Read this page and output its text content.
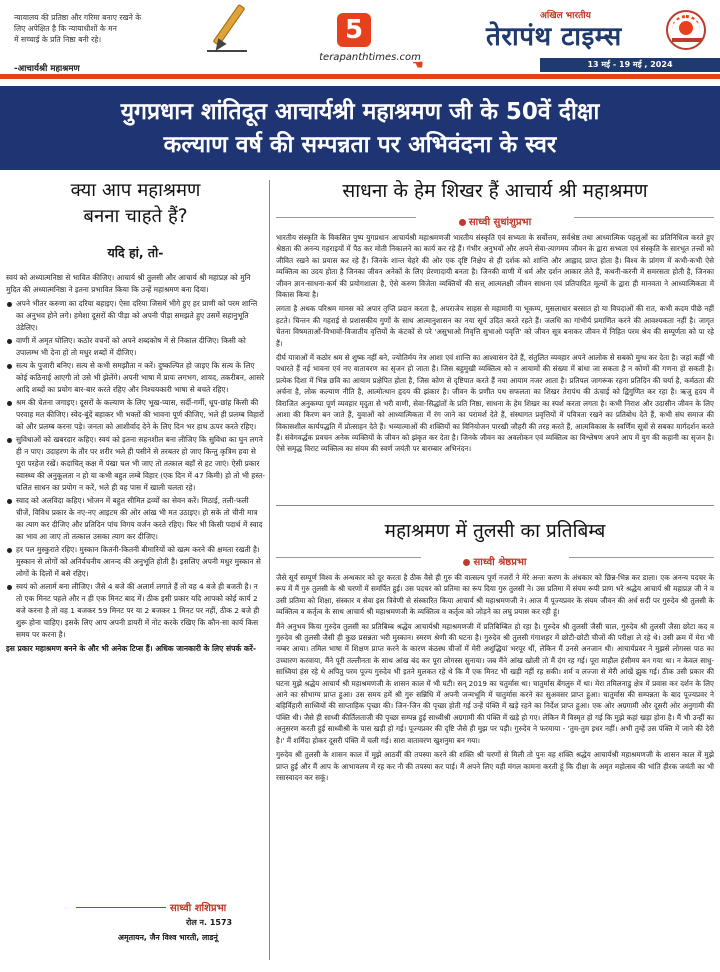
न्यायालय की प्रतिष्ठा और गरिमा बनाए रखने के
लिए अपेक्षित है कि न्यायाधीशों के मन
में सच्चाई के प्रति निष्ठा बनी रहे।
-आचार्यश्री महाश्रमण
5
terapanthtimes.com
☚
अखिल भारतीय
तेरापंथ टाइम्स
13 मई - 19 मई , 2024
युगप्रधान शांतिदूत आचार्यश्री महाश्रमण जी के 50वें दीक्षा
कल्याण वर्ष की सम्पन्नता पर अभिवंदना के स्वर
क्या आप महाश्रमण
बनना चाहते हैं?
यदि हां, तो-

स्वयं को अध्यात्मनिष्ठा से भावित कीजिए। आचार्य श्री तुलसी और आचार्य श्री महाप्रज्ञ को मुनि मुदित की अध्यात्मनिष्ठा ने इतना प्रभावित किया कि उन्हें महाश्रमण बना दिया।

अपने भीतर करुणा का दरिया बहाइए। ऐसा दरिया जिसमें भीगे हुए हर प्राणी को परम शान्ति का अनुभव होने लगे। हमेशा दूसरों की पीड़ा को अपनी पीड़ा समझते हुए उसमें सहानुभूति उंडेलिए।
वाणी में अमृत घोलिए। कठोर वचनों को अपने शब्दकोष में से निकाल दीजिए। किसी को उपालम्भ भी देना हो तो मधुर शब्दों में दीजिए।
सत्य के पुजारी बनिए। सत्य से कभी समझौता न करें। दुष्कल्पित हो जाइए कि सत्य के लिए कोई कठिनाई आएगी तो उसे भी झेलेंगे। अपनी भाषा में प्रायः लगभग, शायद, तकरीबन, आसरे आदि शब्दों का प्रयोग बार-बार करते रहिए और निश्चयकारी भाषा से बचते रहिए।
श्रम की चेतना जगाइए। दूसरों के कल्याण के लिए भूख-प्यास, सर्दी-गर्मी, धूप-छांह किसी की परवाह मत कीजिए। स्वेद-बूंदें बहाकर भी भक्तों की भावना पूर्ण कीजिए, भले ही प्रलम्ब विहारों को और प्रलम्ब करना पड़े। जनता को आशीर्वाद देने के लिए दिन भर हाथ ऊपर करते रहिए।
सुविधाओं को खबरदार कहिए। स्वयं को इतना सहनशील बना लीजिए कि सुविधा का घुन लगने ही न पाए। उदाहरण के तौर पर शरीर भले ही पसीने से तरबतर हो जाए किन्तु कृत्रिम हवा से पूरा परहेज रखें। कदाचित् कक्ष में पंखा चल भी जाए तो तत्काल बहाँ से हट जाएं। ऐसी प्रकार स्वास्थ्य की अनुकूलता न हो या कभी बहुत लम्बे विहार (एक दिन में 47 किमी) हो तो भी हस्त-चलित साधन का प्रयोग न करें, भले ही वह पास में खाली चलता रहे।
स्वाद को अलविदा कहिए। भोजन में बहुत सीमित द्रव्यों का सेवन करें। मिठाई, तली-फली चीजें, विविध प्रकार के नए-नए आइटम की ओर आंख भी मत उठाइए। हो सके तो चीनी मात्र का त्याग कर दीजिए और प्रतिदिन पांच विगय वर्जन करते रहिए। फिर भी किसी पदार्थ में स्वाद का भाव आ जाए तो तत्काल उसका त्याग कर दीजिए।
हर पल मुस्कुराते रहिए। मुस्कान कितनी-कितनी बीमारियों को खत्म करने की क्षमता रखती है। मुस्कान से लोगों को अनिर्वचनीय आनन्द की अनुभूति होती है। इसलिए अपनी मधुर मुस्कान से लोगों के दिलों में बसे रहिए।
स्वयं को अलार्म बना लीजिए। जैसे 4 बजे की अलार्म लगाते हैं तो वह 4 बजे ही बजती है। न तो एक मिनट पहले और न ही एक मिनट बाद में। ठीक इसी प्रकार यदि आपको कोई कार्य 2 बजे करना है तो वह 1 बजकर 59 मिनट पर या 2 बजकर 1 मिनट पर नहीं, ठीक 2 बजे ही शुरू होना चाहिए। इसके लिए आप अपनी डायरी में नोट करके रखिए कि कौन-सा कार्य किस समय पर करना है।
इस प्रकार महाश्रमण बनने के और भी अनेक टिप्स हैं। अधिक जानकारी के लिए संपर्क करें-
साध्वी शशिप्रभा
रोल न. 1573
अमृतायन, जैन विश्व भारती, लाडनूं
साधना के हेम शिखर हैं आचार्य श्री महाश्रमण
साध्वी सुधांशुप्रभा

भारतीय संस्कृति के विकसित पुष्प युगप्रधान आचार्यश्री महाश्रमणजी भारतीय संस्कृति एवं सभ्यता के सर्वोत्तम, सर्वश्रेष्ठ तथा आध्यात्मिक पहलुओं का प्रतिनिधित्व करते हुए श्रेष्ठता की अनन्य गहराइयों में पैठ कर मोती निकालने का कार्य कर रहे हैं। गंभीर अनुभवों और अपने सेवा-त्यागमय जीवन के द्वारा सभ्यता एवं संस्कृति के सारभूत तत्त्वों को जीवित रखने का प्रयास कर रहे हैं। जिनके शान्त चेहरे की ओर एक दृष्टि निक्षेप से ही दर्शक को शान्ति और आह्लाद प्राप्त होता है। विश्व के प्रांगण में कभी-कभी ऐसे व्यक्तित्व का उदय होता है जिनका जीवन अनेकों के लिए प्रेरणादायी बनता है। जिनकी वाणी में धर्म और दर्शन आकार लेते हैं, कथनी-करनी में समरसता होती है, जिनका जीवन ज्ञान-साधना-कर्म की प्रयोगशाला है, ऐसे करुण विजेता व्यक्तियों की सत्त् आत्मलक्षी जीवन साधना एवं प्रतिपादित मूल्यों के द्वारा ही मानवता ने आध्यात्मिकता में विकास किया है।

लगता है अथक परिश्रम मानस को अपार तृप्ति प्रदान करता है, अपराजेय साहस से महामारी या भूकम्प, मुसलाधार बरसात हो या विपदाओं की रात, कभी कदम पीछे नहीं हटते। चिन्तन की गहराई से प्रशासकीय गुणों के साथ आत्मानुशासन का नया सूर्य उदित करते रहते हैं। जलधि का गांभीर्य प्रमाणित करने की आवश्यकता नहीं है। जागृत चेतना विषमताओं-विभावों-विजातीय वृत्तियों के कंटकों से परे 'असुभाओ निवृत्ति सुभाओ पवृत्ति' को जीवन सूत्र बनाकर जीवन में निहित परम श्रेय की सम्पूर्णता को पा रहे हैं।

दीर्घ यात्राओं में कठोर श्रम से शुष्क नहीं बने, ज्योतिर्मय नेत्र आशा एवं शान्ति का आश्वासन देते हैं, संतुलित व्यवहार अपने आलोक से सबको मुग्ध कर देता है। जहां कहीं भी पधारते हैं नई भावना एवं नए वातावरण का सृजन हो जाता है। जिस बहुमुखी व्यक्तित्व को न आयामों की संख्या में बांधा जा सकता है न कोणों की गणना हो सकती है। प्रत्येक दिशा में भिन्न छवि का आयाम प्रक्षेपित होता है, जिस कोण से दृष्टिपात करते हैं नया आयाम नजर आता है। प्रतिपल जागरूक रहना प्रतिदिन की चर्या है, कर्मठता की अर्चना है, लोक कल्याण नीति है, आत्मोत्थान हृदय की झंकार है। जीवन के प्रणीत पथ सफलता का शिखर तेरापंथ की ऊंचाई को द्विगुणित कर रहा है। ऋजु हृदय में विराजित अनुकम्पा पूर्ण व्यवहार मृदुता से भरी वाणी, सेवा-सिद्धांतों के प्रति निष्ठा, साधना के हेम शिखर का स्पर्श करता लगता है। कभी निराश और उदासीन जीवन के लिए आशा की किरण बन जाते हैं, युवाओं को आध्यात्मिकता में रंग जाने का परामर्श देते हैं, संस्थागत प्रवृत्तियों में पवित्रता रखने का प्रतिबोध देते हैं, कभी संघ समाज की विकासशील कार्यपद्धति में प्रोत्साहन देते हैं। भव्यात्माओं की शक्तियों का विनियोजन पारखी जौहरी की तरह करते हैं, आत्मविकास के स्वर्णिम सूत्रों से सबका मार्गदर्शन करते हैं। संवेगवर्द्धक प्रवचन अनेक व्यक्तियों के जीवन को झंकृत कर देता है। जिनके जीवन का अवलोकन एवं व्यक्तित्व का विश्लेषण अपने आप में युग की कहानी का सृजन है। ऐसे समृद्ध विराट व्यक्तित्व का संयम की स्वर्ण जयंती पर बारम्बार अभिनंदन।

महाश्रमण में तुलसी का प्रतिबिम्ब
साध्वी श्रेष्ठप्रभा

जैसे सूर्य सम्पूर्ण विश्व के अन्धकार को दूर करता है ठीक वैसे ही गुरु की वात्सल्य पूर्ण नजरों ने मेरे अन्तः करण के अंधकार को छिन्न-भिन्न कर डाला। एक अनन्य पदचर के रूप में मैं गुरु तुलसी के श्री चरणों में समर्पित हुई। उस पदचर को प्रतिमा का रूप दिया गुरु तुलसी ने। उस प्रतिमा में संयम रूपी प्राण भरे श्रद्धेय आचार्य श्री महाप्रज्ञ जी ने व उसी प्रतिमा को शिक्षा, संस्कार व सेवा इस त्रिवेणी से संस्कारित किया आचार्य श्री महाश्रमणजी ने। आज मैं पूज्यप्रवर के संयम जीवन की अर्ध सदी पर गुरुदेव श्री तुलसी के व्यक्तित्व व कर्तृत्व के साथ आचार्य श्री महाश्रमणजी के व्यक्तित्व व कर्तृत्व को जोड़ने का लघु प्रयास कर रही हूं।

मैंने अनुभव किया गुरुदेव तुलसी का प्रतिबिम्ब श्रद्धेय आचार्यश्री महाश्रमणजी में प्रतिबिम्बित हो रहा है। गुरुदेव श्री तुलसी जैसी चाल, गुरुदेव श्री तुलसी जैसा छोटा कद व गुरुदेव श्री तुलसी जैसी ही कुछ प्रसन्नता भरी मुस्कान। स्मरण श्रेणी की घटना है। गुरुदेव श्री तुलसी गंगाशहर में छोटी-छोटी चीजों की परीक्षा ले रहे थे। उसी क्रम में मेरा भी नम्बर आया। तमिल भाषा में शिक्षण प्राप्त करने के कारण कंठस्थ चीजों में मेरी अशुद्धियां भरपूर थीं, लेकिन मैं उनसे अनजान थी। आचार्यप्रवर ने मुझसे लोगस्स पाठ का उच्चारण करवाया, मैंने पूरी तल्लीनता के साथ आंख बंद कर पूरा लोगस्स सुनाया। जब मैंने आंख खोली तो मैं दंग रह गई। पूरा माहौल हंसीमय बन गया था। न केवल साधु-साध्वियां हंस रहे थे अपितु परम पूज्य गुरुदेव भी इतने मुलकत रहे थे कि मैं एक मिनट भी खड़ी नहीं रह सकी। शर्म व लज्जा से मेरी आंखें झुक गई। ठीक उसी प्रकार की घटना मुझे श्रद्धेय आचार्य श्री महाश्रमणजी के शासन काल में भी घटी। सन् 2019 का चतुर्मास था। चातुर्मास बेंगलुरु में था। मेरा तमिलनाडु क्षेत्र में प्रवास कर दर्शन के लिए आने का सौभाग्य प्राप्त हुआ। उस समय हमें श्री गुरु सन्निधि में अपनी जन्मभूमि में चातुर्मास करने का सुअवसर प्राप्त हुआ। चातुर्मास की सम्पन्नता के बाद पूज्यप्रवर ने बहिर्विहारी साध्वियों की साप्ताहिक पृच्छा की। जिन-जिन की पृच्छा होती गई उन्हें पंक्ति में खड़े रहने का निर्देश प्राप्त हुआ। एक ओर अग्रगामी और दूसरी ओर अनुगामी की पंक्ति थी। जैसे ही साध्वी कीर्तिलताजी की पृच्छा सम्पन्न हुई साध्वीश्री अग्रगामी की पंक्ति में खड़े हो गए। लेकिन मैं विस्मृत हो गई कि मुझे कहां खड़ा होना है। मैं भी उन्हीं का अनुसरण करती हुई साध्वीश्री के पास खड़ी हो गई। पूज्यप्रवर की दृष्टि जैसे ही मुझ पर पड़ी। गुरुदेव ने फरमाया - 'तुम-तुम इधर नहीं। अभी तुम्हें उस पंक्ति में जाने की देरी है।' मैं शर्मिंदा होकर दूसरी पंक्ति में चली गई। सारा वातावरण खुशनुमा बन गया।

गुरुदेव श्री तुलसी के शासन काल में मुझे आठवीं की तपस्या करने की शक्ति श्री चरणों से मिली तो पुनः वह शक्ति श्रद्धेय आचार्यश्री महाश्रमणजी के शासन काल में मुझे प्राप्त हुई और मैं आप के आभावलय में रह कर नौ की तपस्या कर पाई। मैं अपने लिए यही मंगल कामना करती हूं कि दीक्षा के अमृत महोत्सव की भांति हीरक जयंती का भी रसास्वादन कर सकूं।
